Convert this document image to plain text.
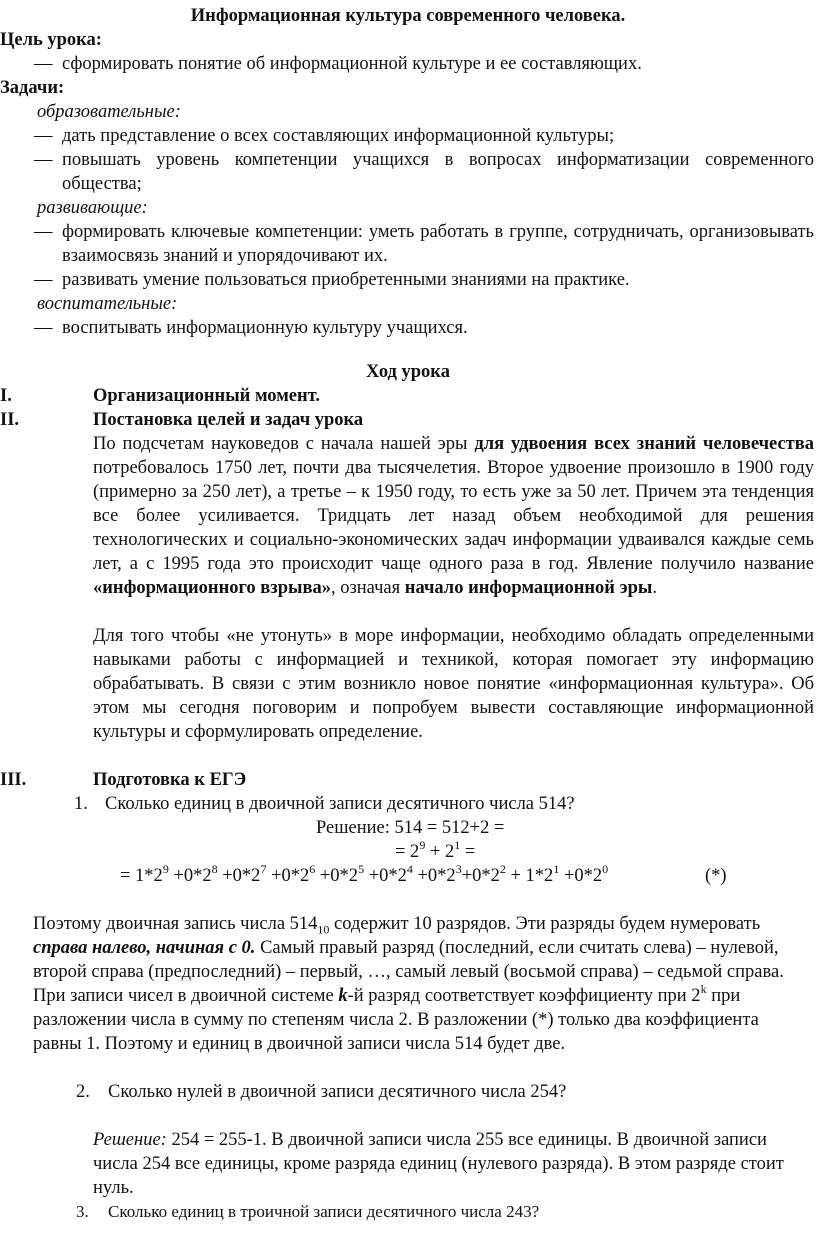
Информационная культура современного человека.
Цель урока:
— сформировать понятие об информационной культуре и ее составляющих.
Задачи:
образовательные:
— дать представление о всех составляющих информационной культуры;
— повышать уровень компетенции учащихся в вопросах информатизации современного общества;
развивающие:
— формировать ключевые компетенции: уметь работать в группе, сотрудничать, организовывать взаимосвязь знаний и упорядочивают их.
— развивать умение пользоваться приобретенными знаниями на практике.
воспитательные:
— воспитывать информационную культуру учащихся.
Ход урока
I.	Организационный момент.
II.	Постановка целей и задач урока
По подсчетам науковедов с начала нашей эры для удвоения всех знаний человечества потребовалось 1750 лет, почти два тысячелетия. Второе удвоение произошло в 1900 году (примерно за 250 лет), а третье – к 1950 году, то есть уже за 50 лет. Причем эта тенденция все более усиливается. Тридцать лет назад объем необходимой для решения технологических и социально-экономических задач информации удваивался каждые семь лет, а с 1995 года это происходит чаще одного раза в год. Явление получило название «информационного взрыва», означая начало информационной эры.
Для того чтобы «не утонуть» в море информации, необходимо обладать определенными навыками работы с информацией и техникой, которая помогает эту информацию обрабатывать. В связи с этим возникло новое понятие «информационная культура». Об этом мы сегодня поговорим и попробуем вывести составляющие информационной культуры и сформулировать определение.
III.	Подготовка к ЕГЭ
1. Сколько единиц в двоичной записи десятичного числа 514?
Решение: 514 = 512+2 =
= $2^9 + 2^1$ =
= $1*2^9 +0*2^8 +0*2^7 +0*2^6 +0*2^5 +0*2^4 +0*2^3+0*2^2 + 1*2^1 +0*2^0$	(*)
Поэтому двоичная запись числа $514_{10}$ содержит 10 разрядов. Эти разряды будем нумеровать справа налево, начиная с 0. Самый правый разряд (последний, если считать слева) – нулевой, второй справа (предпоследний) – первый, …, самый левый (восьмой справа) – седьмой справа. При записи чисел в двоичной системе k-й разряд соответствует коэффициенту при 2$^k$ при разложении числа в сумму по степеням числа 2. В разложении (*) только два коэффициента равны 1. Поэтому и единиц в двоичной записи числа 514 будет две.
2. Сколько нулей в двоичной записи десятичного числа 254?
Решение: 254 = 255-1. В двоичной записи числа 255 все единицы. В двоичной записи числа 254 все единицы, кроме разряда единиц (нулевого разряда). В этом разряде стоит нуль.
3. Сколько единиц в троичной записи десятичного числа 243?
